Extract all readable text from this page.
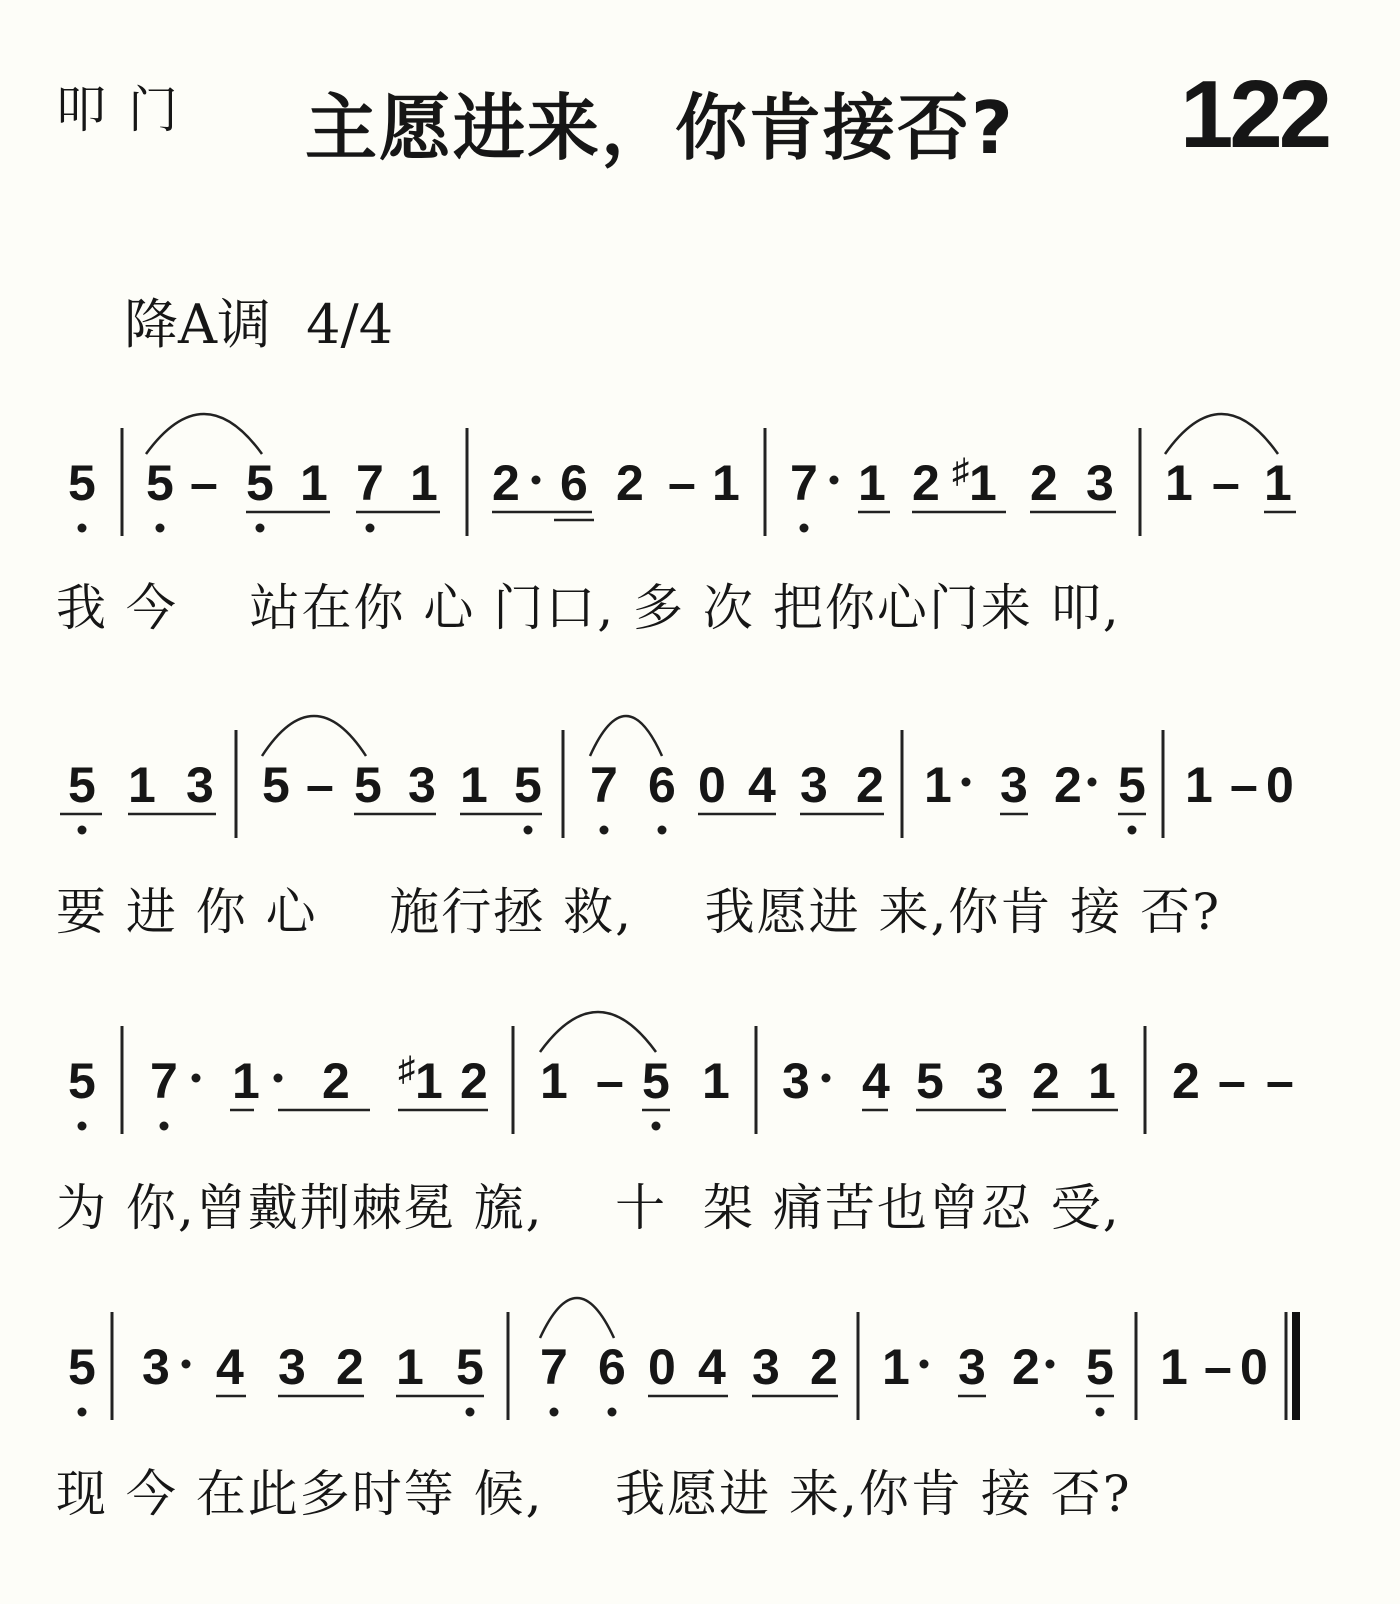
叩门 主愿进来，你肯接否? 122
降A调 4/4
5 5 – 5 1 7 1 2 6 2 – 1 7 1 2 ♯1 2 3 1 – 1
5 1 3 5 – 5 3 1 5 7 6 0 4 3 2 1 3 2 5 1 – 0
5 7 1 2 ♯1 2 1 – 5 1 3 4 5 3 2 1 2 – –
5 3 4 3 2 1 5 7 6 0 4 3 2 1 3 2 5 1 – 0
我 今    站在你 心 门口, 多 次 把你心门来 叩,
要 进 你 心    施行拯 救,    我愿进 来,你肯 接 否?
为 你,曾戴荆棘冕 旒,    十  架 痛苦也曾忍 受,
现 今 在此多时等 候,    我愿进 来,你肯 接 否?
